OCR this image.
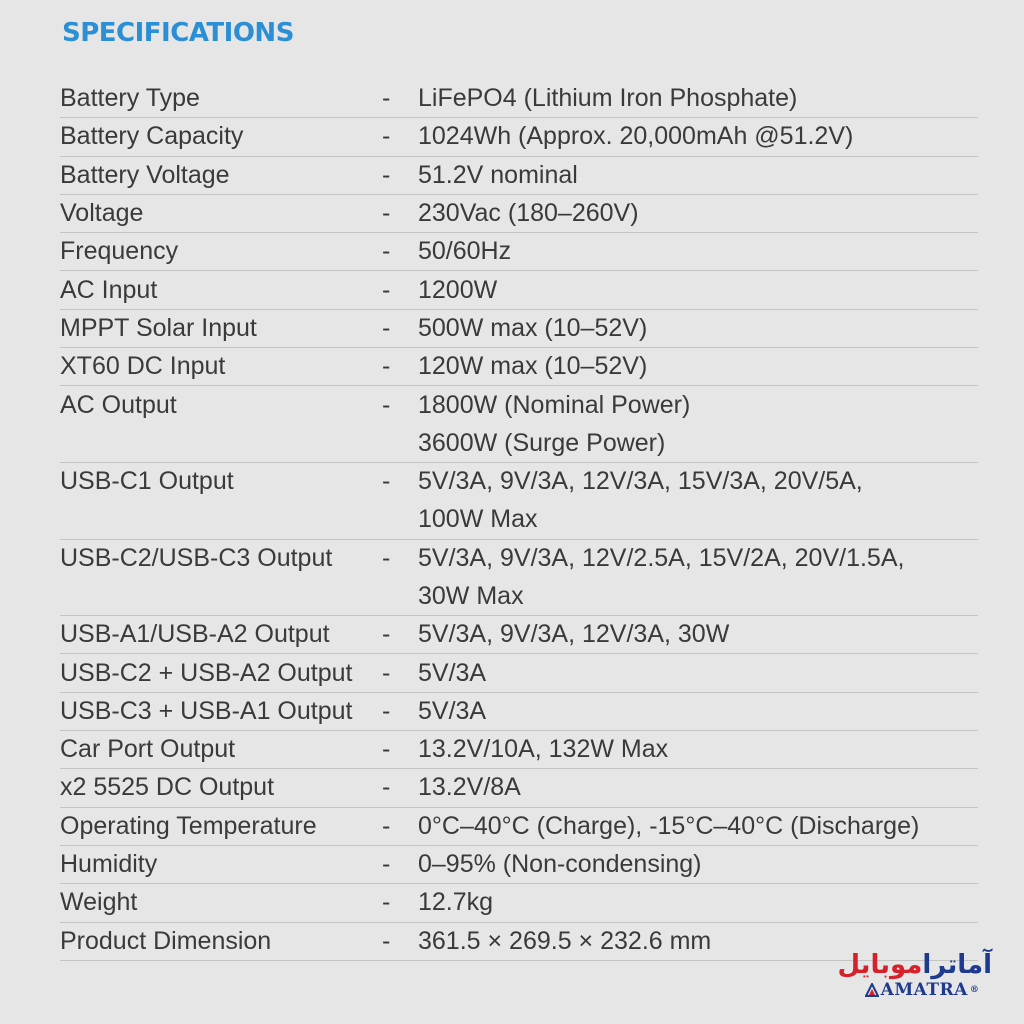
SPECIFICATIONS
Battery Type	-	LiFePO4 (Lithium Iron Phosphate)
Battery Capacity	-	1024Wh (Approx. 20,000mAh @51.2V)
Battery Voltage	-	51.2V nominal
Voltage	-	230Vac (180–260V)
Frequency	-	50/60Hz
AC Input	-	1200W
MPPT Solar Input	-	500W max (10–52V)
XT60 DC Input	-	120W max (10–52V)
AC Output	-	1800W (Nominal Power)
3600W (Surge Power)
USB-C1 Output	-	5V/3A, 9V/3A, 12V/3A, 15V/3A, 20V/5A,
100W Max
USB-C2/USB-C3 Output	-	5V/3A, 9V/3A, 12V/2.5A, 15V/2A, 20V/1.5A,
30W Max
USB-A1/USB-A2 Output	-	5V/3A, 9V/3A, 12V/3A, 30W
USB-C2 + USB-A2 Output	-	5V/3A
USB-C3 + USB-A1 Output	-	5V/3A
Car Port Output	-	13.2V/10A, 132W Max
x2 5525 DC Output	-	13.2V/8A
Operating Temperature	-	0°C–40°C (Charge), -15°C–40°C (Discharge)
Humidity	-	0–95% (Non-condensing)
Weight	-	12.7kg
Product Dimension	-	361.5 × 269.5 × 232.6 mm
آماتراموبایل
AMATRA ®
